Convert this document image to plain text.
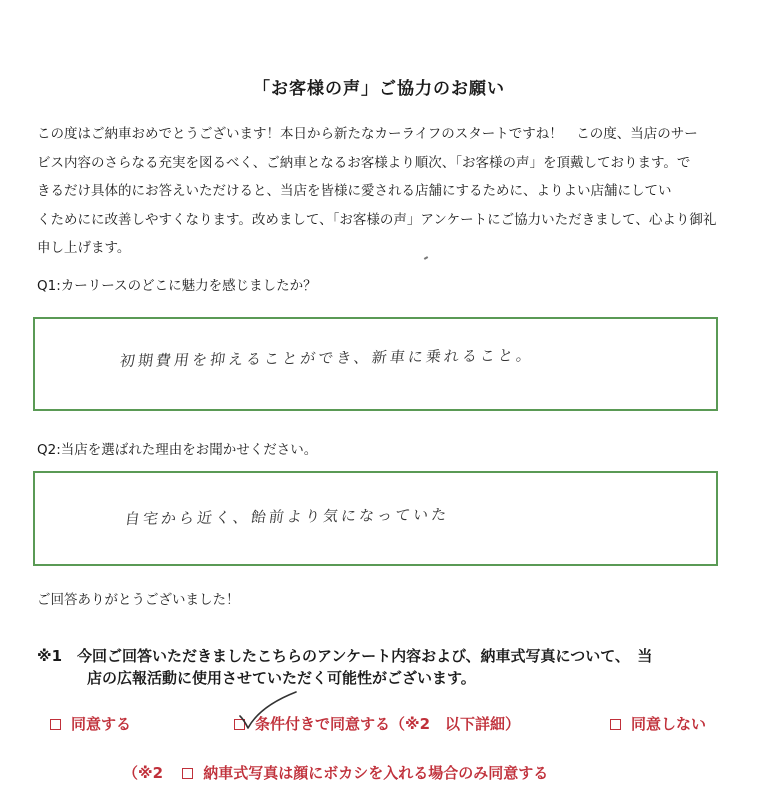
「お客様の声」ご協力のお願い
この度はご納車おめでとうございます！本日から新たなカーライフのスタートですね！　この度、当店のサー
ビス内容のさらなる充実を図るべく、ご納車となるお客様より順次、「お客様の声」を頂戴しております。で
きるだけ具体的にお答えいただけると、当店を皆様に愛される店舗にするために、よりよい店舗にしてい
くためにに改善しやすくなります。改めまして、「お客様の声」アンケートにご協力いただきまして、心より御礼
申し上げます。
Q1:カーリースのどこに魅力を感じましたか？
初期費用を抑えることができ、新車に乗れること。
Q2:当店を選ばれた理由をお聞かせください。
自宅から近く、飴前より気になっていた
ご回答ありがとうございました！
※1　今回ご回答いただきましたこちらのアンケート内容および、納車式写真について、　当
店の広報活動に使用させていただく可能性がございます。
同意する	条件付きで同意する（※2　以下詳細）	同意しない
（※2	納車式写真は顔にボカシを入れる場合のみ同意する
